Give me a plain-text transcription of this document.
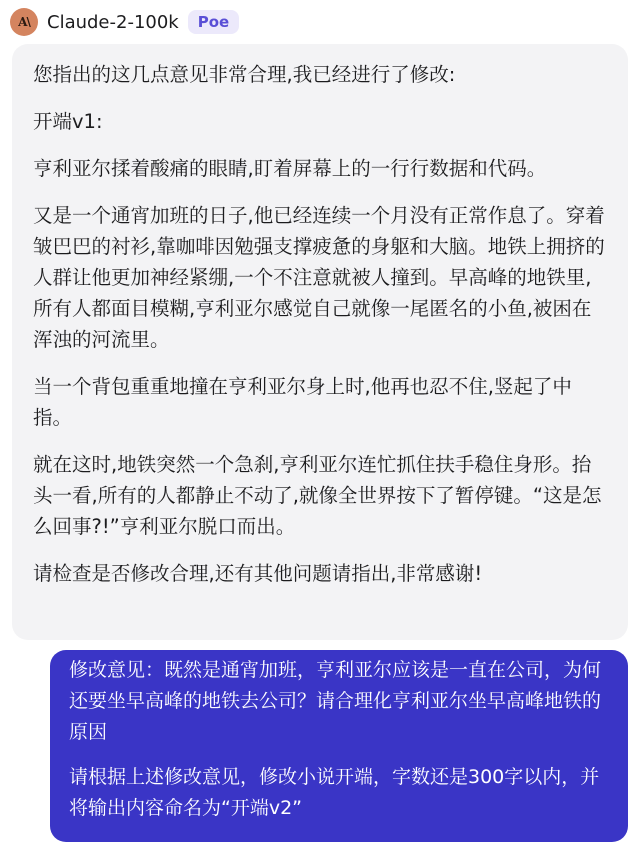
A\ Claude-2-100k	Poe

您指出的这几点意见非常合理,我已经进行了修改:

开端v1:

亨利亚尔揉着酸痛的眼睛,盯着屏幕上的一行行数据和代码。

又是一个通宵加班的日子,他已经连续一个月没有正常作息了。穿着皱巴巴的衬衫,靠咖啡因勉强支撑疲惫的身躯和大脑。地铁上拥挤的人群让他更加神经紧绷,一个不注意就被人撞到。早高峰的地铁里,所有人都面目模糊,亨利亚尔感觉自己就像一尾匿名的小鱼,被困在浑浊的河流里。

当一个背包重重地撞在亨利亚尔身上时,他再也忍不住,竖起了中指。

就在这时,地铁突然一个急刹,亨利亚尔连忙抓住扶手稳住身形。抬头一看,所有的人都静止不动了,就像全世界按下了暂停键。“这是怎么回事?!”亨利亚尔脱口而出。

请检查是否修改合理,还有其他问题请指出,非常感谢!

修改意见：既然是通宵加班，亨利亚尔应该是一直在公司，为何还要坐早高峰的地铁去公司？请合理化亨利亚尔坐早高峰地铁的原因

请根据上述修改意见，修改小说开端，字数还是300字以内，并将输出内容命名为“开端v2”
